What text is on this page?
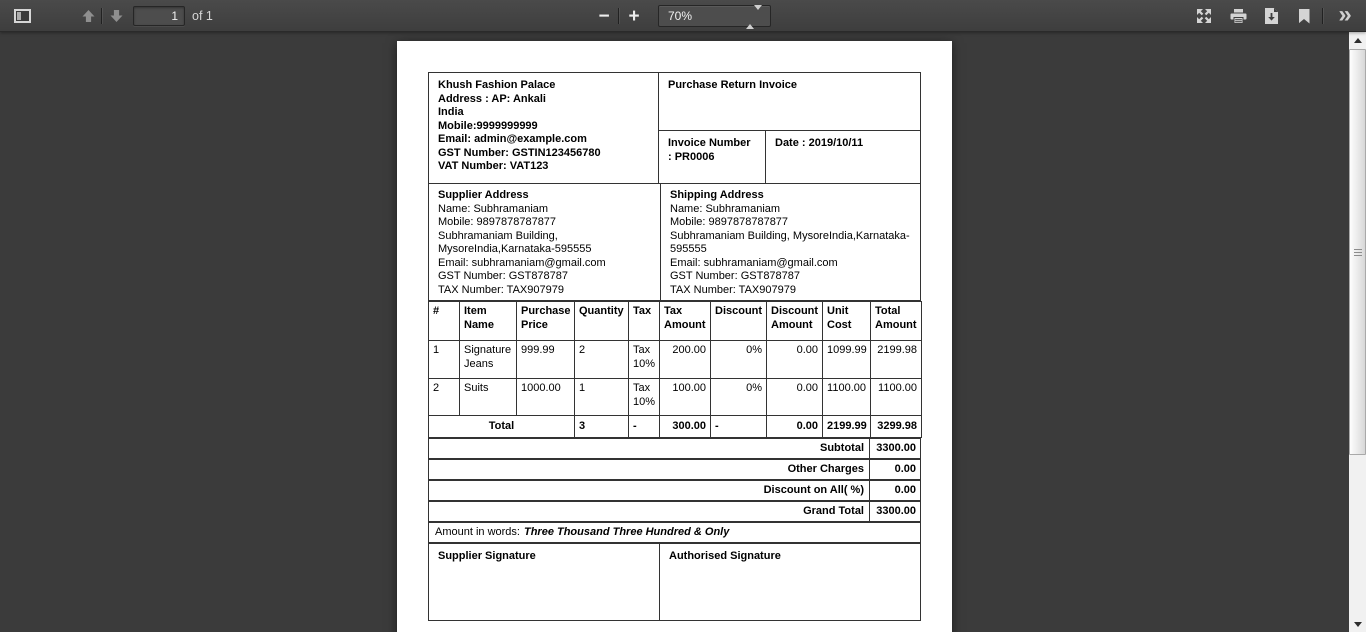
1
of 1	− + 70%	»
Khush Fashion Palace
Address : AP: Ankali
India
Mobile:9999999999
Email: admin@example.com
GST Number: GSTIN123456780
VAT Number: VAT123
Purchase Return Invoice
Invoice Number : PR0006
Date : 2019/10/11
Supplier Address
Name: Subhramaniam
Mobile: 9897878787877
Subhramaniam Building, MysoreIndia,Karnataka-595555
Email: subhramaniam@gmail.com
GST Number: GST878787
TAX Number: TAX907979
Shipping Address
Name: Subhramaniam
Mobile: 9897878787877
Subhramaniam Building, MysoreIndia,Karnataka-595555
Email: subhramaniam@gmail.com
GST Number: GST878787
TAX Number: TAX907979
#	Item Name	Purchase Price	Quantity	Tax	Tax Amount	Discount	Discount Amount	Unit Cost	Total Amount
1	Signature Jeans	999.99	2	Tax 10%	200.00	0%	0.00	1099.99	2199.98
2	Suits	1000.00	1	Tax 10%	100.00	0%	0.00	1100.00	1100.00
Total			3	-	300.00	-	0.00	2199.99	3299.98
Subtotal	3300.00
Other Charges	0.00
Discount on All( %)	0.00
Grand Total	3300.00
Amount in words: Three Thousand Three Hundred & Only
Supplier Signature	Authorised Signature
